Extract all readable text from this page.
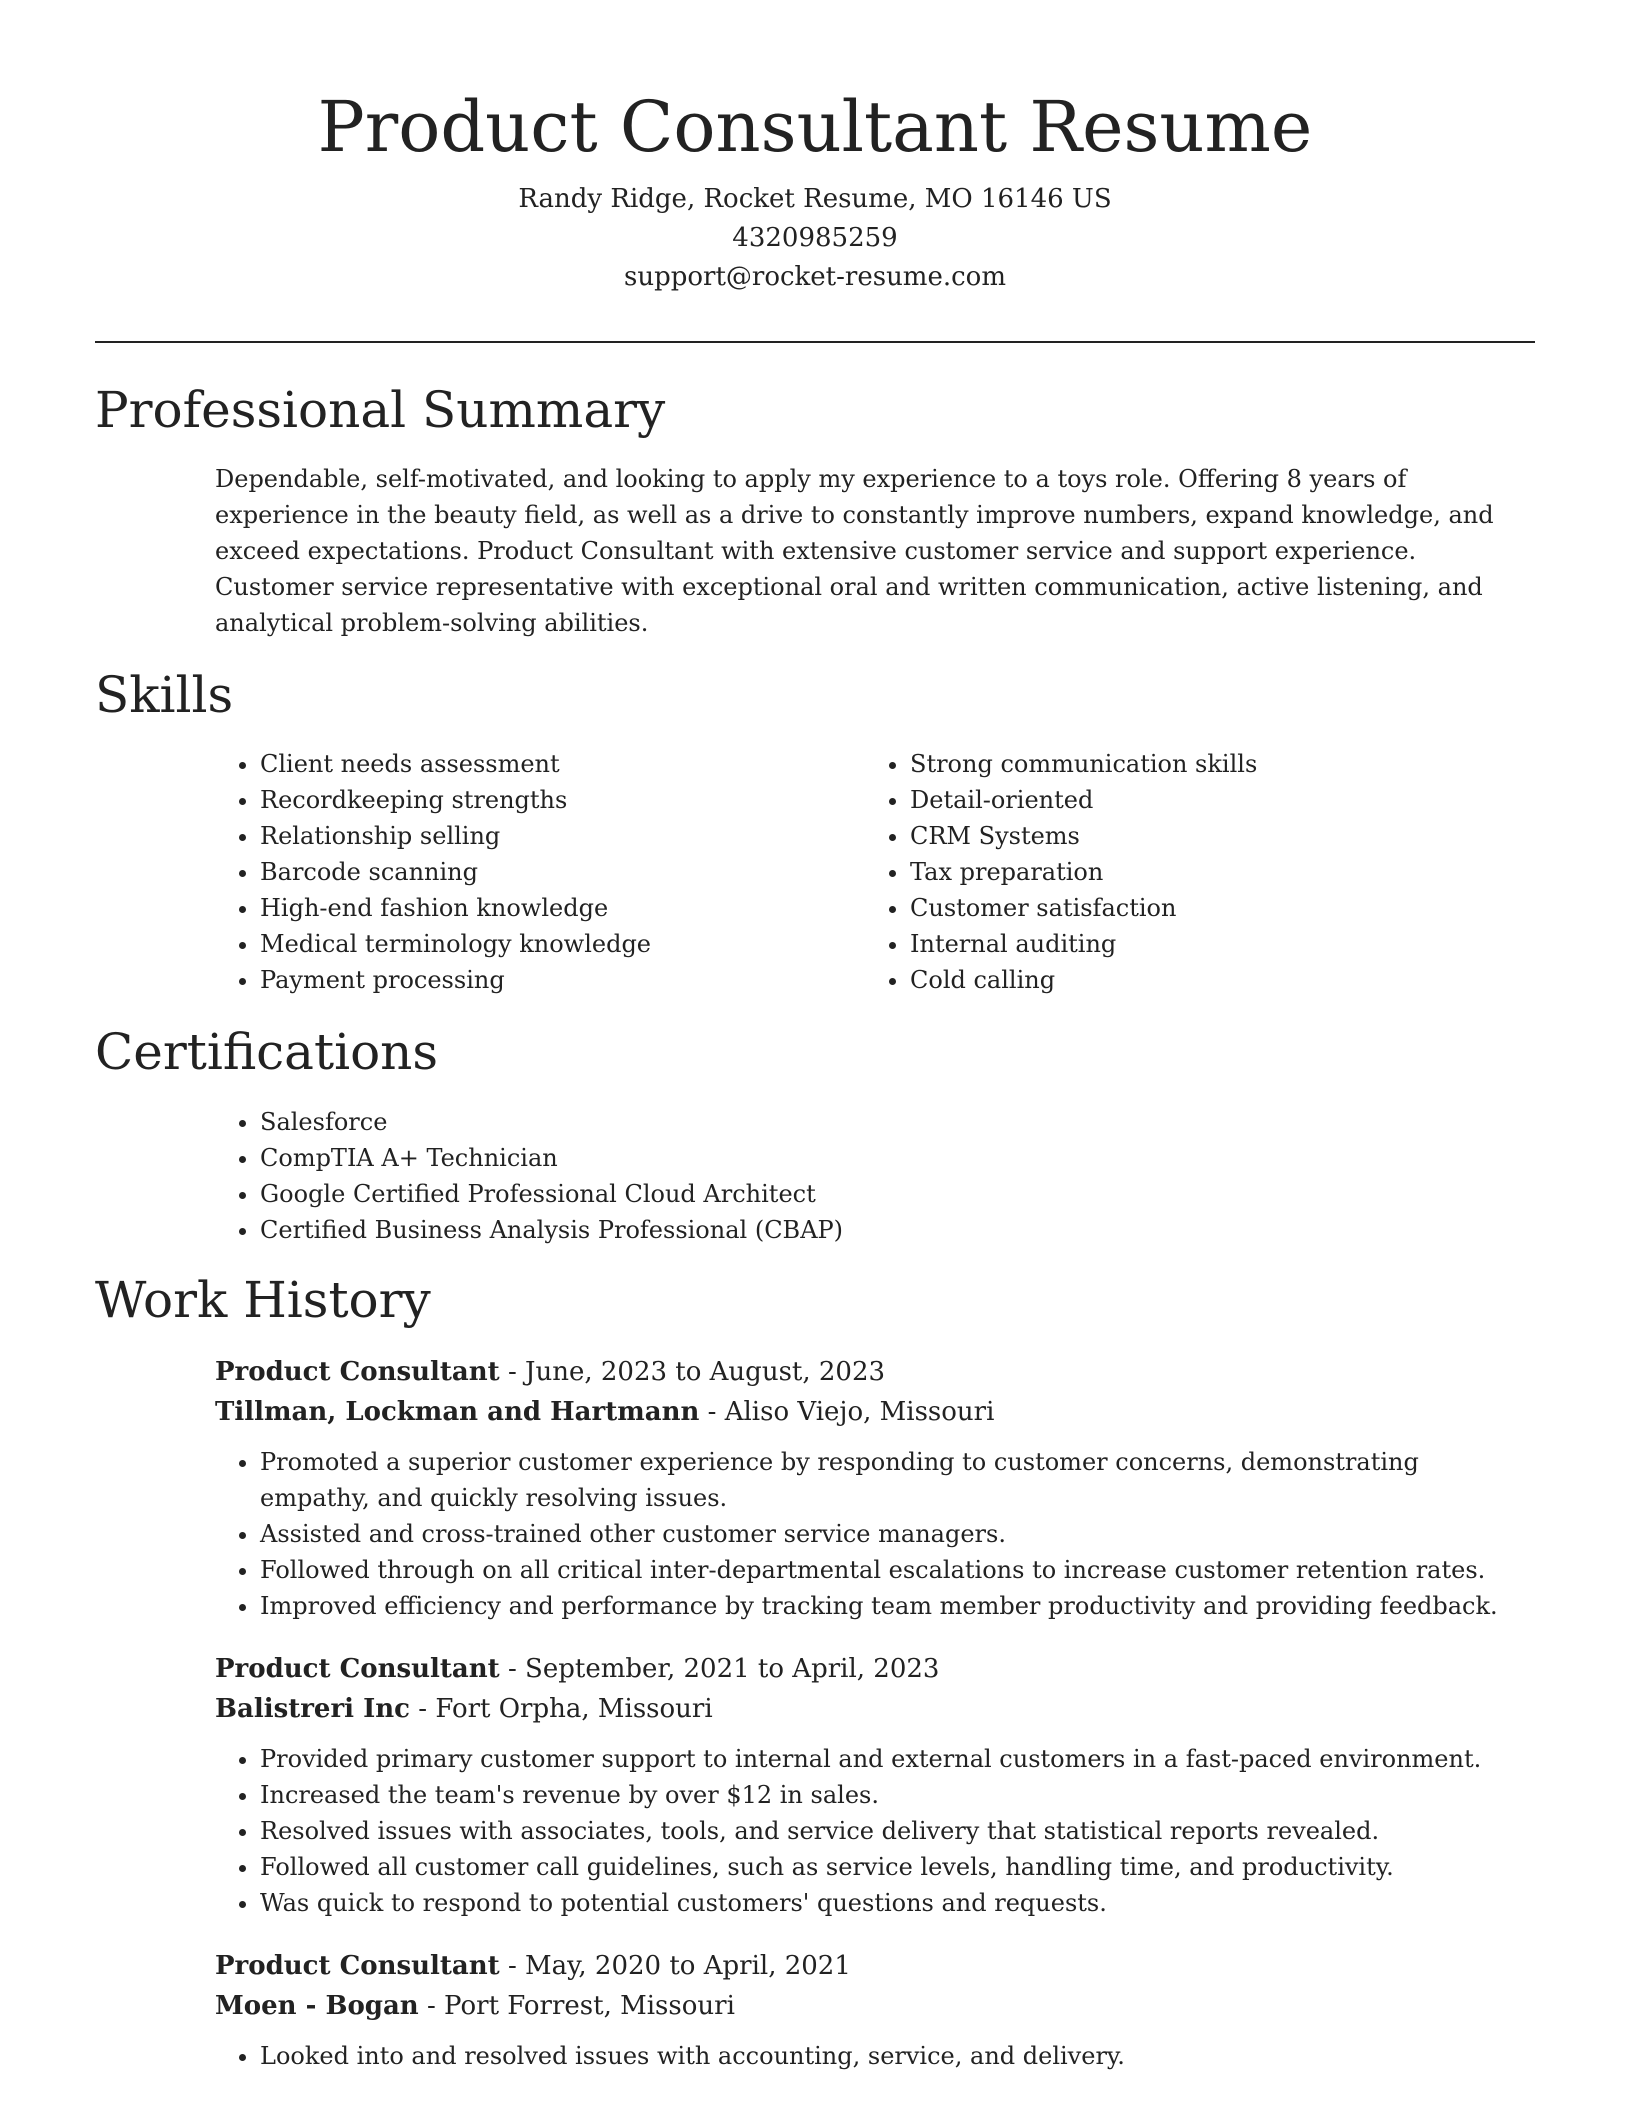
Product Consultant Resume

Randy Ridge, Rocket Resume, MO 16146 US

4320985259

support@rocket-resume.com

Professional Summary

Dependable, self-motivated, and looking to apply my experience to a toys role. Offering 8 years of experience in the beauty field, as well as a drive to constantly improve numbers, expand knowledge, and exceed expectations. Product Consultant with extensive customer service and support experience. Customer service representative with exceptional oral and written communication, active listening, and analytical problem-solving abilities.

Skills
• Client needs assessment
• Recordkeeping strengths
• Relationship selling
• Barcode scanning
• High-end fashion knowledge
• Medical terminology knowledge
• Payment processing
• Strong communication skills
• Detail-oriented
• CRM Systems
• Tax preparation
• Customer satisfaction
• Internal auditing
• Cold calling
Certifications
• Salesforce
• CompTIA A+ Technician
• Google Certified Professional Cloud Architect
• Certified Business Analysis Professional (CBAP)
Work History

Product Consultant - June, 2023 to August, 2023

Tillman, Lockman and Hartmann - Aliso Viejo, Missouri

• Promoted a superior customer experience by responding to customer concerns, demonstrating empathy, and quickly resolving issues.
• Assisted and cross-trained other customer service managers.
• Followed through on all critical inter-departmental escalations to increase customer retention rates.
• Improved efficiency and performance by tracking team member productivity and providing feedback.

Product Consultant - September, 2021 to April, 2023

Balistreri Inc - Fort Orpha, Missouri

• Provided primary customer support to internal and external customers in a fast-paced environment.
• Increased the team's revenue by over $12 in sales.
• Resolved issues with associates, tools, and service delivery that statistical reports revealed.
• Followed all customer call guidelines, such as service levels, handling time, and productivity.
• Was quick to respond to potential customers' questions and requests.

Product Consultant - May, 2020 to April, 2021

Moen - Bogan - Port Forrest, Missouri

• Looked into and resolved issues with accounting, service, and delivery.
